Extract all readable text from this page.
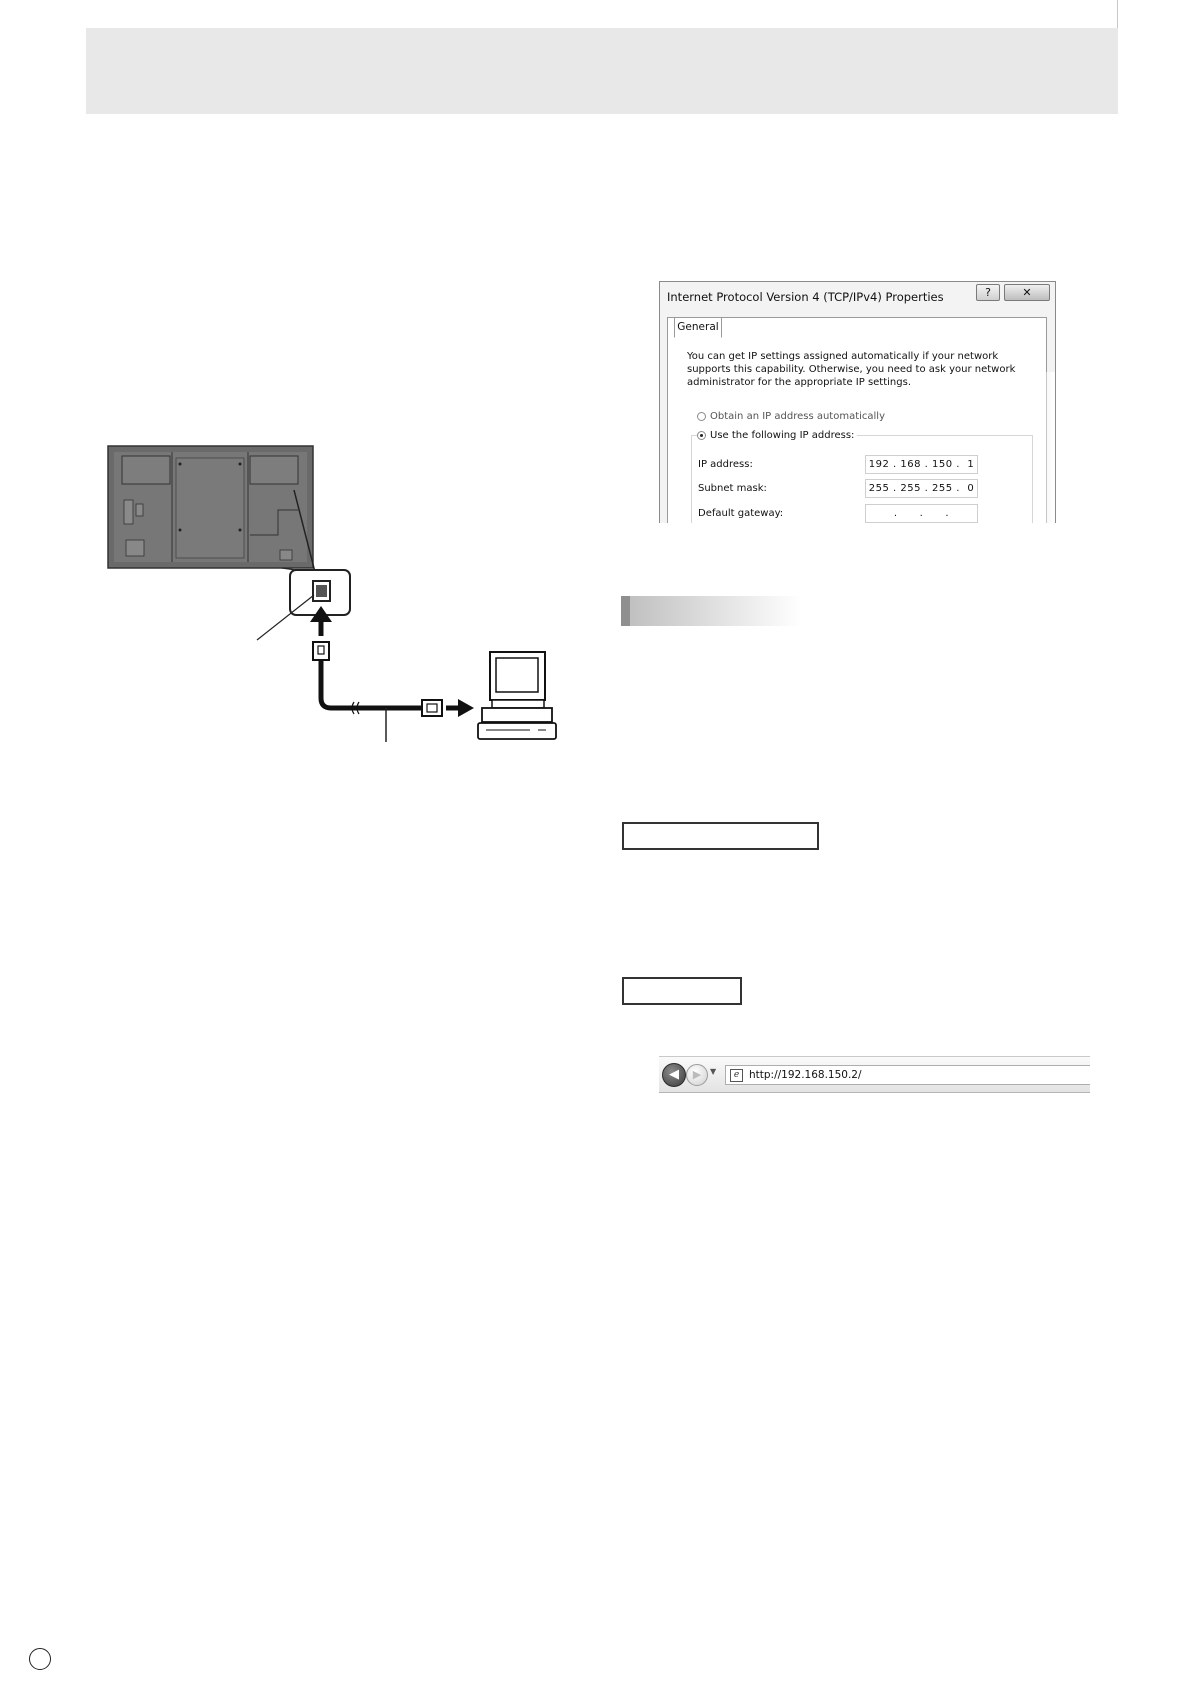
Internet Protocol Version 4 (TCP/IPv4) Properties	?	✕
General
You can get IP settings assigned automatically if your network supports this capability. Otherwise, you need to ask your network administrator for the appropriate IP settings.
Obtain an IP address automatically
Use the following IP address:
IP address:	192 . 168 . 150 .  1
Subnet mask:	255 . 255 . 255 .  0
Default gateway:	.      .      .
◀	▶	▼	e http://192.168.150.2/
